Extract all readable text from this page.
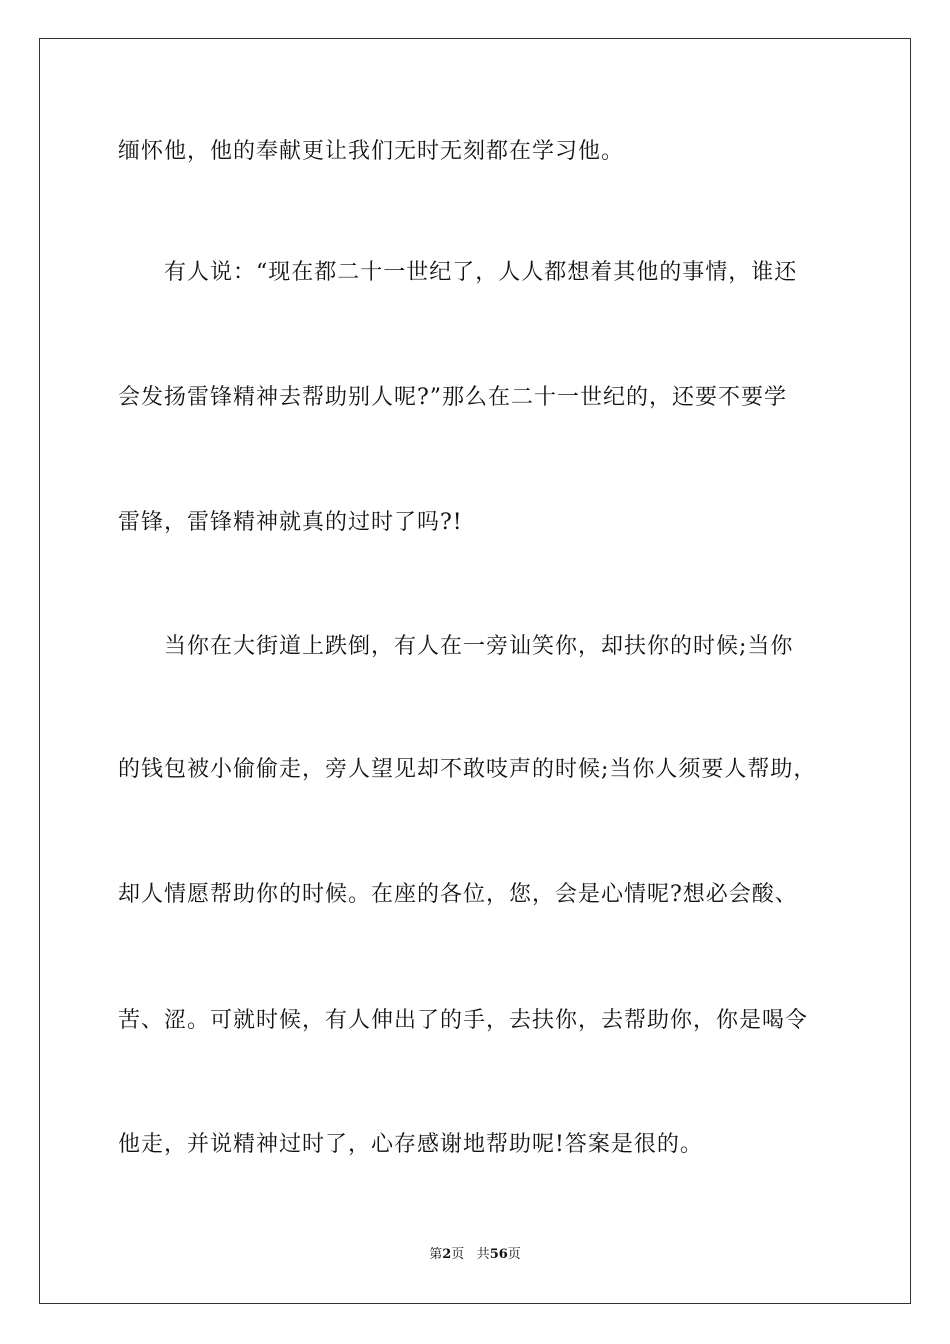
缅怀他，他的奉献更让我们无时无刻都在学习他。
　　有人说：“现在都二十一世纪了，人人都想着其他的事情，谁还
会发扬雷锋精神去帮助别人呢?”那么在二十一世纪的，还要不要学
雷锋，雷锋精神就真的过时了吗?!
　　当你在大街道上跌倒，有人在一旁讪笑你，却扶你的时候;当你
的钱包被小偷偷走，旁人望见却不敢吱声的时候;当你人须要人帮助，
却人情愿帮助你的时候。在座的各位，您，会是心情呢?想必会酸、
苦、涩。可就时候，有人伸出了的手，去扶你，去帮助你，你是喝令
他走，并说精神过时了，心存感谢地帮助呢!答案是很的。
第2页 共56页
